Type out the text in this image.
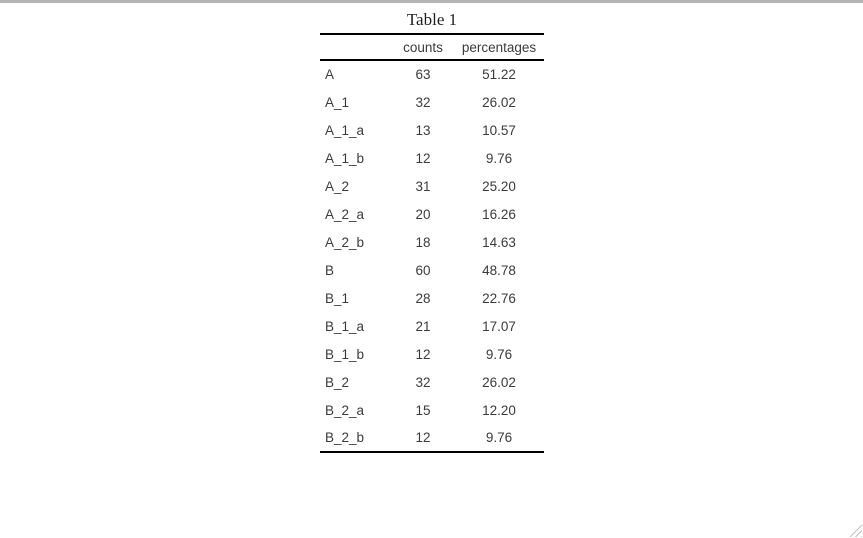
Table 1
	counts	percentages
A	63	51.22
A_1	32	26.02
A_1_a	13	10.57
A_1_b	12	9.76
A_2	31	25.20
A_2_a	20	16.26
A_2_b	18	14.63
B	60	48.78
B_1	28	22.76
B_1_a	21	17.07
B_1_b	12	9.76
B_2	32	26.02
B_2_a	15	12.20
B_2_b	12	9.76
